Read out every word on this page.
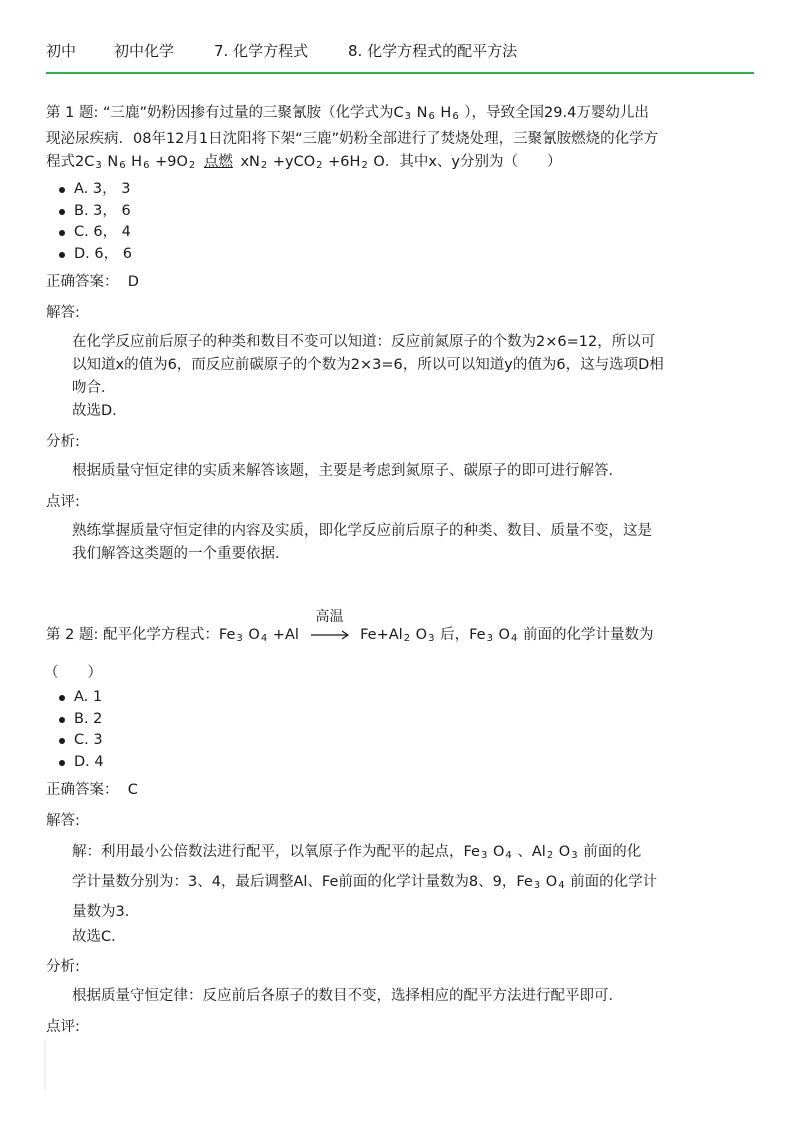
初中	初中化学	7. 化学方程式	8. 化学方程式的配平方法
第 1 题: “三鹿”奶粉因掺有过量的三聚氰胺（化学式为$C_3$ $N_6$ $H_6$ ），导致全国29.4万婴幼儿出
现泌尿疾病．08年12月1日沈阳将下架“三鹿”奶粉全部进行了焚烧处理，三聚氰胺燃烧的化学方
程式$2C_3$ $N_6$ $H_6 +9O_2$ 点燃 $xN_2 +yCO_2 +6H_2$ O．其中x、y分别为（　　）
A. 3， 3
B. 3， 6
C. 6， 4
D. 6， 6
正确答案： D
解答:
在化学反应前后原子的种类和数目不变可以知道：反应前氮原子的个数为2×6=12，所以可
以知道x的值为6，而反应前碳原子的个数为2×3=6，所以可以知道y的值为6，这与选项D相
吻合．
故选D．
分析:
根据质量守恒定律的实质来解答该题，主要是考虑到氮原子、碳原子的即可进行解答．
点评:
熟练掌握质量守恒定律的内容及实质，即化学反应前后原子的种类、数目、质量不变，这是
我们解答这类题的一个重要依据．
第 2 题: 配平化学方程式：$Fe_3$ $O_4 +Al$
高温
$Fe+Al_2$ $O_3$ 后，$Fe_3$ $O_4$ 前面的化学计量数为
（　　）
A. 1
B. 2
C. 3
D. 4
正确答案： C
解答:
解：利用最小公倍数法进行配平，以氧原子作为配平的起点，$Fe_3$ $O_4$ 、$Al_2$ $O_3$ 前面的化
学计量数分别为：3、4，最后调整Al、Fe前面的化学计量数为8、9，$Fe_3$ $O_4$ 前面的化学计
量数为3．
故选C．
分析:
根据质量守恒定律：反应前后各原子的数目不变，选择相应的配平方法进行配平即可．
点评:
